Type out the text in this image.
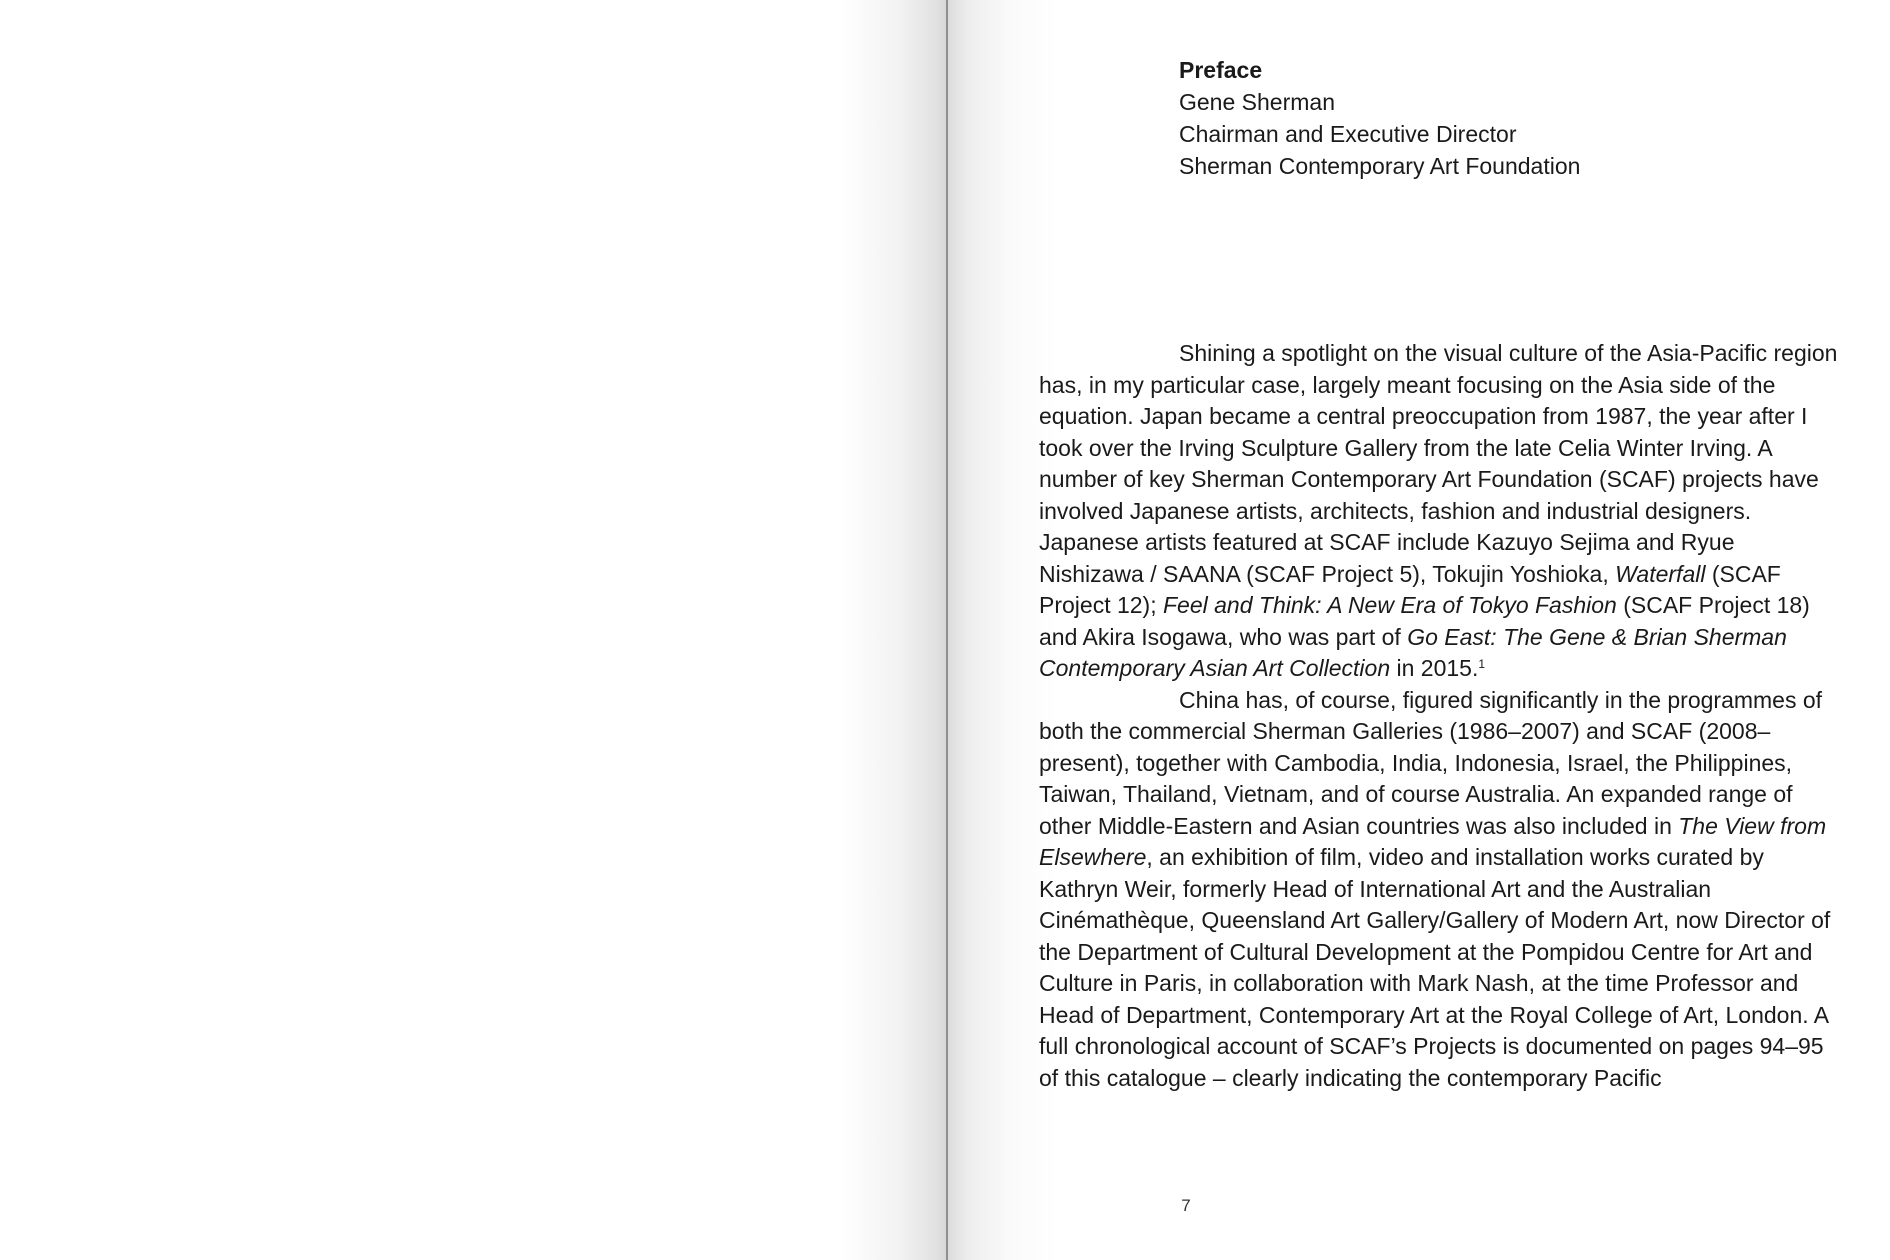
Preface
Gene Sherman
Chairman and Executive Director
Sherman Contemporary Art Foundation

Shining a spotlight on the visual culture of the Asia-Pacific region has, in my particular case, largely meant focusing on the Asia side of the equation. Japan became a central preoccupation from 1987, the year after I took over the Irving Sculpture Gallery from the late Celia Winter Irving. A number of key Sherman Contemporary Art Foundation (SCAF) projects have involved Japanese artists, architects, fashion and industrial designers. Japanese artists featured at SCAF include Kazuyo Sejima and Ryue Nishizawa / SAANA (SCAF Project 5), Tokujin Yoshioka, Waterfall (SCAF Project 12); Feel and Think: A New Era of Tokyo Fashion (SCAF Project 18) and Akira Isogawa, who was part of Go East: The Gene & Brian Sherman Contemporary Asian Art Collection in 2015.$^1$

China has, of course, figured significantly in the programmes of both the commercial Sherman Galleries (1986–2007) and SCAF (2008–present), together with Cambodia, India, Indonesia, Israel, the Philippines, Taiwan, Thailand, Vietnam, and of course Australia. An expanded range of other Middle-Eastern and Asian countries was also included in The View from Elsewhere, an exhibition of film, video and installation works curated by Kathryn Weir, formerly Head of International Art and the Australian Cinémathèque, Queensland Art Gallery/Gallery of Modern Art, now Director of the Department of Cultural Development at the Pompidou Centre for Art and Culture in Paris, in collaboration with Mark Nash, at the time Professor and Head of Department, Contemporary Art at the Royal College of Art, London. A full chronological account of SCAF’s Projects is documented on pages 94–95 of this catalogue – clearly indicating the contemporary Pacific

7
